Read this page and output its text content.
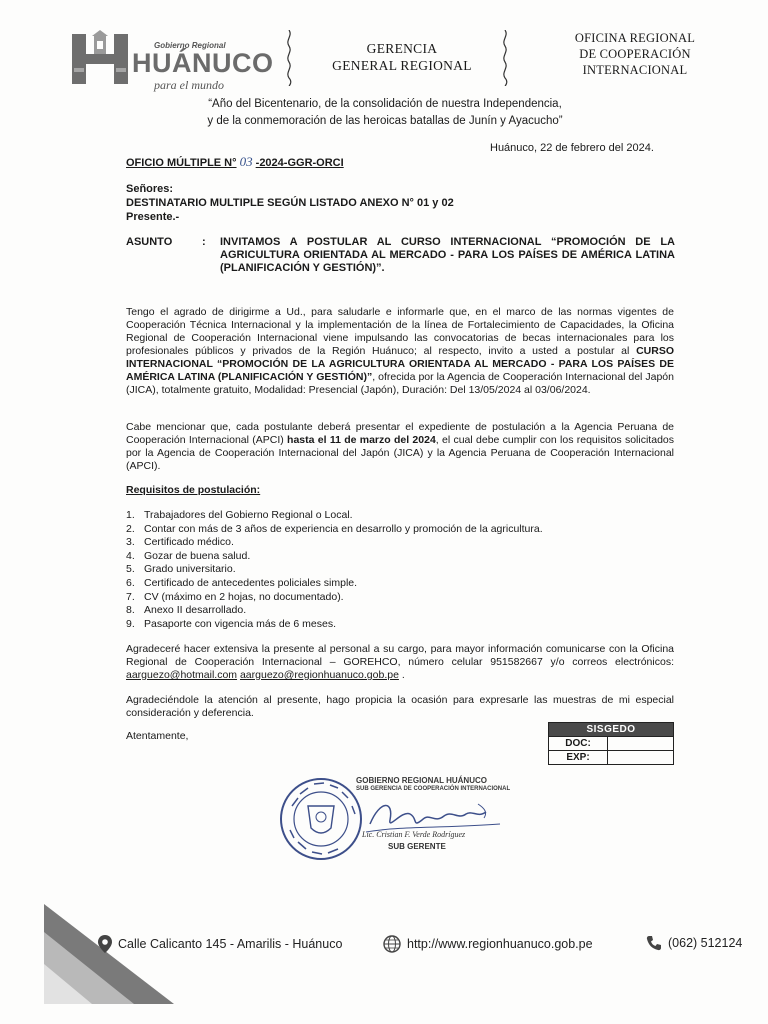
Gobierno Regional
HUÁNUCO
para el mundo
GERENCIA
GENERAL REGIONAL
OFICINA REGIONAL
DE COOPERACIÓN
INTERNACIONAL
“Año del Bicentenario, de la consolidación de nuestra Independencia,
y de la conmemoración de las heroicas batallas de Junín y Ayacucho”
Huánuco, 22 de febrero del 2024.
OFICIO MÚLTIPLE N° 03 -2024-GGR-ORCI
Señores:
DESTINATARIO MULTIPLE SEGÚN LISTADO ANEXO N° 01 y 02
Presente.-
ASUNTO	: INVITAMOS A POSTULAR AL CURSO INTERNACIONAL “PROMOCIÓN DE LA AGRICULTURA ORIENTADA AL MERCADO - PARA LOS PAÍSES DE AMÉRICA LATINA (PLANIFICACIÓN Y GESTIÓN)”.
Tengo el agrado de dirigirme a Ud., para saludarle e informarle que, en el marco de las normas vigentes de Cooperación Técnica Internacional y la implementación de la línea de Fortalecimiento de Capacidades, la Oficina Regional de Cooperación Internacional viene impulsando las convocatorias de becas internacionales para los profesionales públicos y privados de la Región Huánuco; al respecto, invito a usted a postular al CURSO INTERNACIONAL “PROMOCIÓN DE LA AGRICULTURA ORIENTADA AL MERCADO - PARA LOS PAÍSES DE AMÉRICA LATINA (PLANIFICACIÓN Y GESTIÓN)”, ofrecida por la Agencia de Cooperación Internacional del Japón (JICA), totalmente gratuito, Modalidad: Presencial (Japón), Duración: Del 13/05/2024 al 03/06/2024.
Cabe mencionar que, cada postulante deberá presentar el expediente de postulación a la Agencia Peruana de Cooperación Internacional (APCI) hasta el 11 de marzo del 2024, el cual debe cumplir con los requisitos solicitados por la Agencia de Cooperación Internacional del Japón (JICA) y la Agencia Peruana de Cooperación Internacional (APCI).
Requisitos de postulación:
1. Trabajadores del Gobierno Regional o Local.
2. Contar con más de 3 años de experiencia en desarrollo y promoción de la agricultura.
3. Certificado médico.
4. Gozar de buena salud.
5. Grado universitario.
6. Certificado de antecedentes policiales simple.
7. CV (máximo en 2 hojas, no documentado).
8. Anexo II desarrollado.
9. Pasaporte con vigencia más de 6 meses.
Agradeceré hacer extensiva la presente al personal a su cargo, para mayor información comunicarse con la Oficina Regional de Cooperación Internacional – GOREHCO, número celular 951582667 y/o correos electrónicos: aarguezo@hotmail.com aarguezo@regionhuanuco.gob.pe .
Agradeciéndole la atención al presente, hago propicia la ocasión para expresarle las muestras de mi especial consideración y deferencia.
Atentamente,
SISGEDO
DOC:
EXP:
GOBIERNO REGIONAL HUÁNUCO
SUB GERENCIA DE COOPERACIÓN INTERNACIONAL
Lic. Cristian F. Verde Rodríguez
SUB GERENTE
Calle Calicanto 145 - Amarilis - Huánuco	http://www.regionhuanuco.gob.pe	(062) 512124
